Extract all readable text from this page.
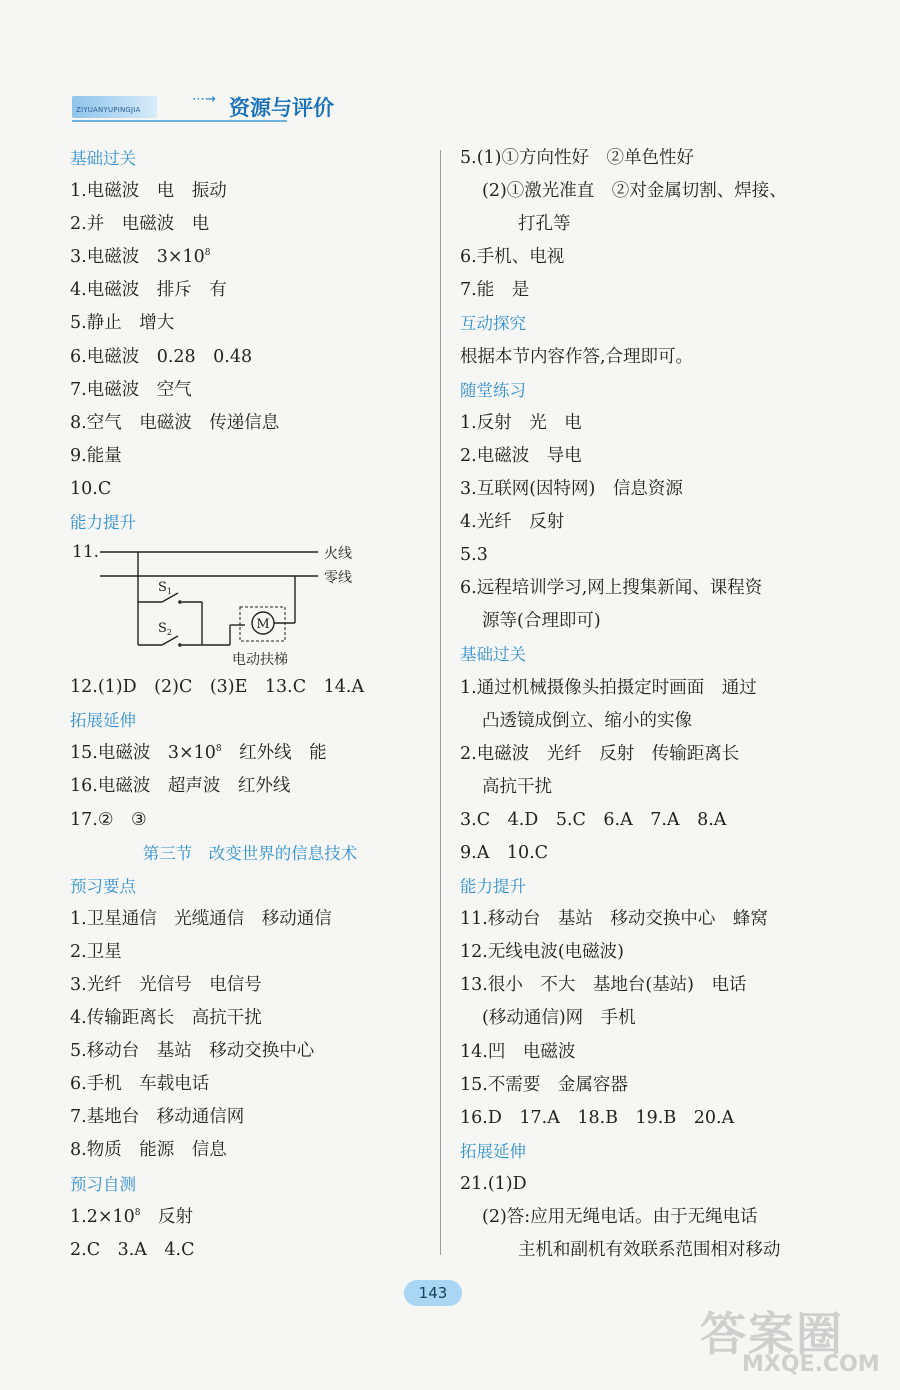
ZIYUANYUPINGJIA
⋯→ 资源与评价
基础过关
1.电磁波　电　振动
2.并　电磁波　电
3.电磁波　$3\times 10^8$
4.电磁波　排斥　有
5.静止　增大
6.电磁波　0.28　0.48
7.电磁波　空气
8.空气　电磁波　传递信息
9.能量
10.C
能力提升
11.	火线
零线
$S_1$
$S_2$
M
电动扶梯
12.(1)D　(2)C　(3)E　13.C　14.A
拓展延伸
15.电磁波　$3\times 10^8$　红外线　能
16.电磁波　超声波　红外线
17.②　③
第三节　改变世界的信息技术
预习要点
1.卫星通信　光缆通信　移动通信
2.卫星
3.光纤　光信号　电信号
4.传输距离长　高抗干扰
5.移动台　基站　移动交换中心
6.手机　车载电话
7.基地台　移动通信网
8.物质　能源　信息
预习自测
$1.2\times 10^8$　反射
2.C　3.A　4.C
5.(1)①方向性好　②单色性好
(2)①激光准直　②对金属切割、焊接、
打孔等
6.手机、电视
7.能　是
互动探究
根据本节内容作答,合理即可。
随堂练习
1.反射　光　电
2.电磁波　导电
3.互联网(因特网)　信息资源
4.光纤　反射
5.3
6.远程培训学习,网上搜集新闻、课程资
源等(合理即可)
基础过关
1.通过机械摄像头拍摄定时画面　通过
凸透镜成倒立、缩小的实像
2.电磁波　光纤　反射　传输距离长
高抗干扰
3.C　4.D　5.C　6.A　7.A　8.A
9.A　10.C
能力提升
11.移动台　基站　移动交换中心　蜂窝
12.无线电波(电磁波)
13.很小　不大　基地台(基站)　电话
(移动通信)网　手机
14.凹　电磁波
15.不需要　金属容器
16.D　17.A　18.B　19.B　20.A
拓展延伸
21.(1)D
(2)答:应用无绳电话。由于无绳电话
主机和副机有效联系范围相对移动
143
答案圈
MXQE.COM
